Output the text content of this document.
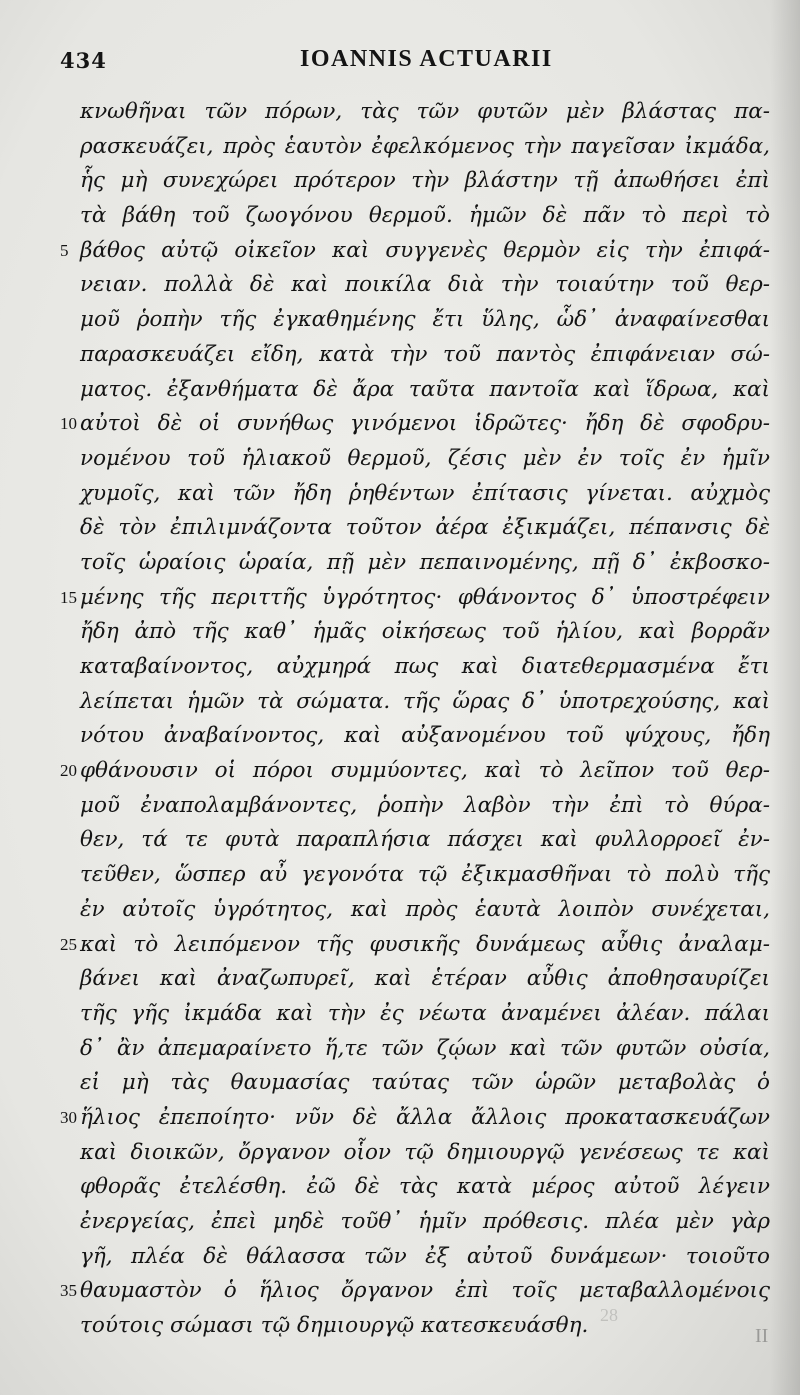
434	IOANNIS ACTUARII
κνωθῆναι τῶν πόρων, τὰς τῶν φυτῶν μὲν βλάστας πα-
ρασκευάζει, πρὸς ἑαυτὸν ἐφελκόμενος τὴν παγεῖσαν ἰκμάδα,
ἧς μὴ συνεχώρει πρότερον τὴν βλάστην τῇ ἀπωθήσει ἐπὶ
τὰ βάθη τοῦ ζωογόνου θερμοῦ. ἡμῶν δὲ πᾶν τὸ περὶ τὸ
5 βάθος αὐτῷ οἰκεῖον καὶ συγγενὲς θερμὸν εἰς τὴν ἐπιφά-
νειαν. πολλὰ δὲ καὶ ποικίλα διὰ τὴν τοιαύτην τοῦ θερ-
μοῦ ῥοπὴν τῆς ἐγκαθημένης ἔτι ὕλης, ὧδ᾽ ἀναφαίνεσθαι
παρασκευάζει εἴδη, κατὰ τὴν τοῦ παντὸς ἐπιφάνειαν σώ-
ματος. ἐξανθήματα δὲ ἄρα ταῦτα παντοῖα καὶ ἵδρωα, καὶ
10 αὐτοὶ δὲ οἱ συνήθως γινόμενοι ἱδρῶτες· ἤδη δὲ σφοδρυ-
νομένου τοῦ ἡλιακοῦ θερμοῦ, ζέσις μὲν ἐν τοῖς ἐν ἡμῖν
χυμοῖς, καὶ τῶν ἤδη ῥηθέντων ἐπίτασις γίνεται. αὐχμὸς
δὲ τὸν ἐπιλιμνάζοντα τοῦτον ἀέρα ἐξικμάζει, πέπανσις δὲ
τοῖς ὡραίοις ὡραία, πῇ μὲν πεπαινομένης, πῇ δ᾽ ἐκβοσκο-
15 μένης τῆς περιττῆς ὑγρότητος· φθάνοντος δ᾽ ὑποστρέφειν
ἤδη ἀπὸ τῆς καθ᾽ ἡμᾶς οἰκήσεως τοῦ ἡλίου, καὶ βορρᾶν
καταβαίνοντος, αὐχμηρά πως καὶ διατεθερμασμένα ἔτι
λείπεται ἡμῶν τὰ σώματα. τῆς ὥρας δ᾽ ὑποτρεχούσης, καὶ
νότου ἀναβαίνοντος, καὶ αὐξανομένου τοῦ ψύχους, ἤδη
20 φθάνουσιν οἱ πόροι συμμύοντες, καὶ τὸ λεῖπον τοῦ θερ-
μοῦ ἐναπολαμβάνοντες, ῥοπὴν λαβὸν τὴν ἐπὶ τὸ θύρα-
θεν, τά τε φυτὰ παραπλήσια πάσχει καὶ φυλλορροεῖ ἐν-
τεῦθεν, ὥσπερ αὖ γεγονότα τῷ ἐξικμασθῆναι τὸ πολὺ τῆς
ἐν αὐτοῖς ὑγρότητος, καὶ πρὸς ἑαυτὰ λοιπὸν συνέχεται,
25 καὶ τὸ λειπόμενον τῆς φυσικῆς δυνάμεως αὖθις ἀναλαμ-
βάνει καὶ ἀναζωπυρεῖ, καὶ ἑτέραν αὖθις ἀποθησαυρίζει
τῆς γῆς ἰκμάδα καὶ τὴν ἐς νέωτα ἀναμένει ἀλέαν. πάλαι
δ᾽ ἂν ἀπεμαραίνετο ἥ,τε τῶν ζῴων καὶ τῶν φυτῶν οὐσία,
εἰ μὴ τὰς θαυμασίας ταύτας τῶν ὡρῶν μεταβολὰς ὁ
30 ἥλιος ἐπεποίητο· νῦν δὲ ἄλλα ἄλλοις προκατασκευάζων
καὶ διοικῶν, ὄργανον οἷον τῷ δημιουργῷ γενέσεως τε καὶ
φθορᾶς ἐτελέσθη. ἐῶ δὲ τὰς κατὰ μέρος αὐτοῦ λέγειν
ἐνεργείας, ἐπεὶ μηδὲ τοῦθ᾽ ἡμῖν πρόθεσις. πλέα μὲν γὰρ
γῆ, πλέα δὲ θάλασσα τῶν ἐξ αὐτοῦ δυνάμεων· τοιοῦτο
35 θαυμαστὸν ὁ ἥλιος ὄργανον ἐπὶ τοῖς μεταβαλλομένοις
τούτοις σώμασι τῷ δημιουργῷ κατεσκευάσθη. 28
II
